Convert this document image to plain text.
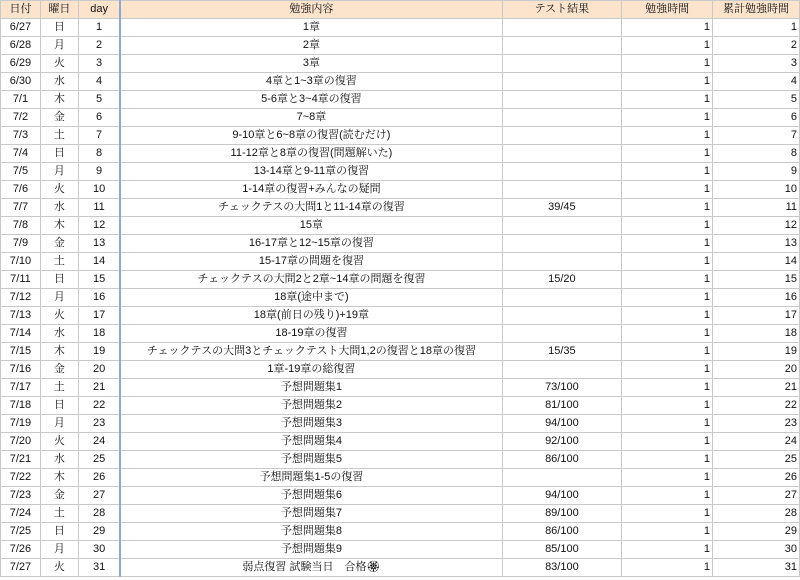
日付	曜日	day	勉強内容	テスト結果	勉強時間	累計勉強時間
6/27	日	1	1章		1	1
6/28	月	2	2章		1	2
6/29	火	3	3章		1	3
6/30	水	4	4章と1~3章の復習		1	4
7/1	木	5	5-6章と3~4章の復習		1	5
7/2	金	6	7~8章		1	6
7/3	土	7	9-10章と6~8章の復習(読むだけ)		1	7
7/4	日	8	11-12章と8章の復習(問題解いた)		1	8
7/5	月	9	13-14章と9-11章の復習		1	9
7/6	火	10	1-14章の復習+みんなの疑問		1	10
7/7	水	11	チェックテスの大問1と11-14章の復習	39/45	1	11
7/8	木	12	15章		1	12
7/9	金	13	16-17章と12~15章の復習		1	13
7/10	土	14	15-17章の問題を復習		1	14
7/11	日	15	チェックテスの大問2と2章~14章の問題を復習	15/20	1	15
7/12	月	16	18章(途中まで)		1	16
7/13	火	17	18章(前日の残り)+19章		1	17
7/14	水	18	18-19章の復習		1	18
7/15	木	19	チェックテスの大問3とチェックテスト大問1,2の復習と18章の復習	15/35	1	19
7/16	金	20	1章-19章の総復習		1	20
7/17	土	21	予想問題集1	73/100	1	21
7/18	日	22	予想問題集2	81/100	1	22
7/19	月	23	予想問題集3	94/100	1	23
7/20	火	24	予想問題集4	92/100	1	24
7/21	水	25	予想問題集5	86/100	1	25
7/22	木	26	予想問題集1-5の復習		1	26
7/23	金	27	予想問題集6	94/100	1	27
7/24	土	28	予想問題集7	89/100	1	28
7/25	日	29	予想問題集8	86/100	1	29
7/26	月	30	予想問題集9	85/100	1	30
7/27	火	31	弱点復習 試験当日　合格🏵	83/100	1	31
